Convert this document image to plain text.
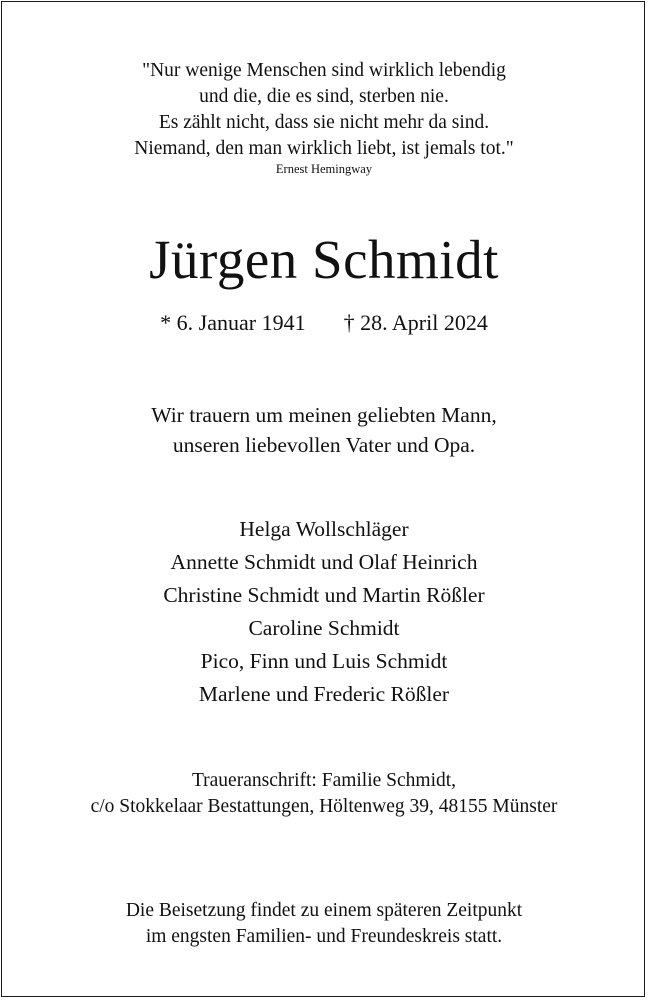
"Nur wenige Menschen sind wirklich lebendig
und die, die es sind, sterben nie.
Es zählt nicht, dass sie nicht mehr da sind.
Niemand, den man wirklich liebt, ist jemals tot."
Ernest Hemingway
Jürgen Schmidt
* 6. Januar 1941 † 28. April 2024
Wir trauern um meinen geliebten Mann,
unseren liebevollen Vater und Opa.
Helga Wollschläger
Annette Schmidt und Olaf Heinrich
Christine Schmidt und Martin Rößler
Caroline Schmidt
Pico, Finn und Luis Schmidt
Marlene und Frederic Rößler
Traueranschrift: Familie Schmidt,
c/o Stokkelaar Bestattungen, Höltenweg 39, 48155 Münster
Die Beisetzung findet zu einem späteren Zeitpunkt
im engsten Familien- und Freundeskreis statt.
